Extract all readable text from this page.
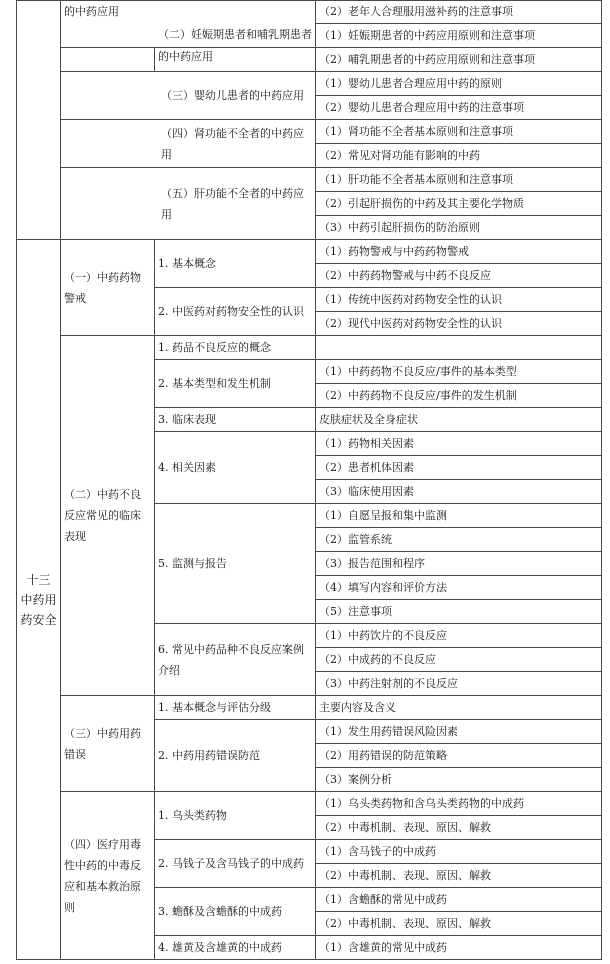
	的中药应用		（2）老年人合理服用滋补药的注意事项
			（1）妊娠期患者的中药应用原则和注意事项

		（二）妊娠期患者和哺乳期患者的中药应用	（2）哺乳期患者的中药应用原则和注意事项
	（三）婴幼儿患者的中药应用		（1）婴幼儿患者合理应用中药的原则
			（2）婴幼儿患者合理应用中药的注意事项
	（四）肾功能不全者的中药应用		（1）肾功能不全者基本原则和注意事项
			（2）常见对肾功能有影响的中药
	（五）肝功能不全者的中药应用		（1）肝功能不全者基本原则和注意事项
			（2）引起肝损伤的中药及其主要化学物质
			（3）中药引起肝损伤的防治原则
十三
中药用
药安全	（一）中药药物警戒	1. 基本概念	（1）药物警戒与中药药物警戒
			（2）中药药物警戒与中药不良反应
		2. 中医药对药物安全性的认识	（1）传统中医药对药物安全性的认识
			（2）现代中医药对药物安全性的认识
	（二）中药不良反应常见的临床表现	1. 药品不良反应的概念	
		2. 基本类型和发生机制	（1）中药药物不良反应/事件的基本类型
			（2）中药药物不良反应/事件的发生机制
		3. 临床表现	皮肤症状及全身症状
		4. 相关因素	（1）药物相关因素
			（2）患者机体因素
			（3）临床使用因素
		5. 监测与报告	（1）自愿呈报和集中监测
			（2）监管系统
			（3）报告范围和程序
			（4）填写内容和评价方法
			（5）注意事项
		6. 常见中药品种不良反应案例介绍	（1）中药饮片的不良反应
			（2）中成药的不良反应
			（3）中药注射剂的不良反应
	（三）中药用药错误	1. 基本概念与评估分级	主要内容及含义
		2. 中药用药错误防范	（1）发生用药错误风险因素
			（2）用药错误的防范策略
			（3）案例分析
	（四）医疗用毒性中药的中毒反应和基本救治原则	1. 乌头类药物	（1）乌头类药物和含乌头类药物的中成药
			（2）中毒机制、表现、原因、解救
		2. 马钱子及含马钱子的中成药	（1）含马钱子的中成药
			（2）中毒机制、表现、原因、解救
		3. 蟾酥及含蟾酥的中成药	（1）含蟾酥的常见中成药
			（2）中毒机制、表现、原因、解救
		4. 雄黄及含雄黄的中成药	（1）含雄黄的常见中成药
